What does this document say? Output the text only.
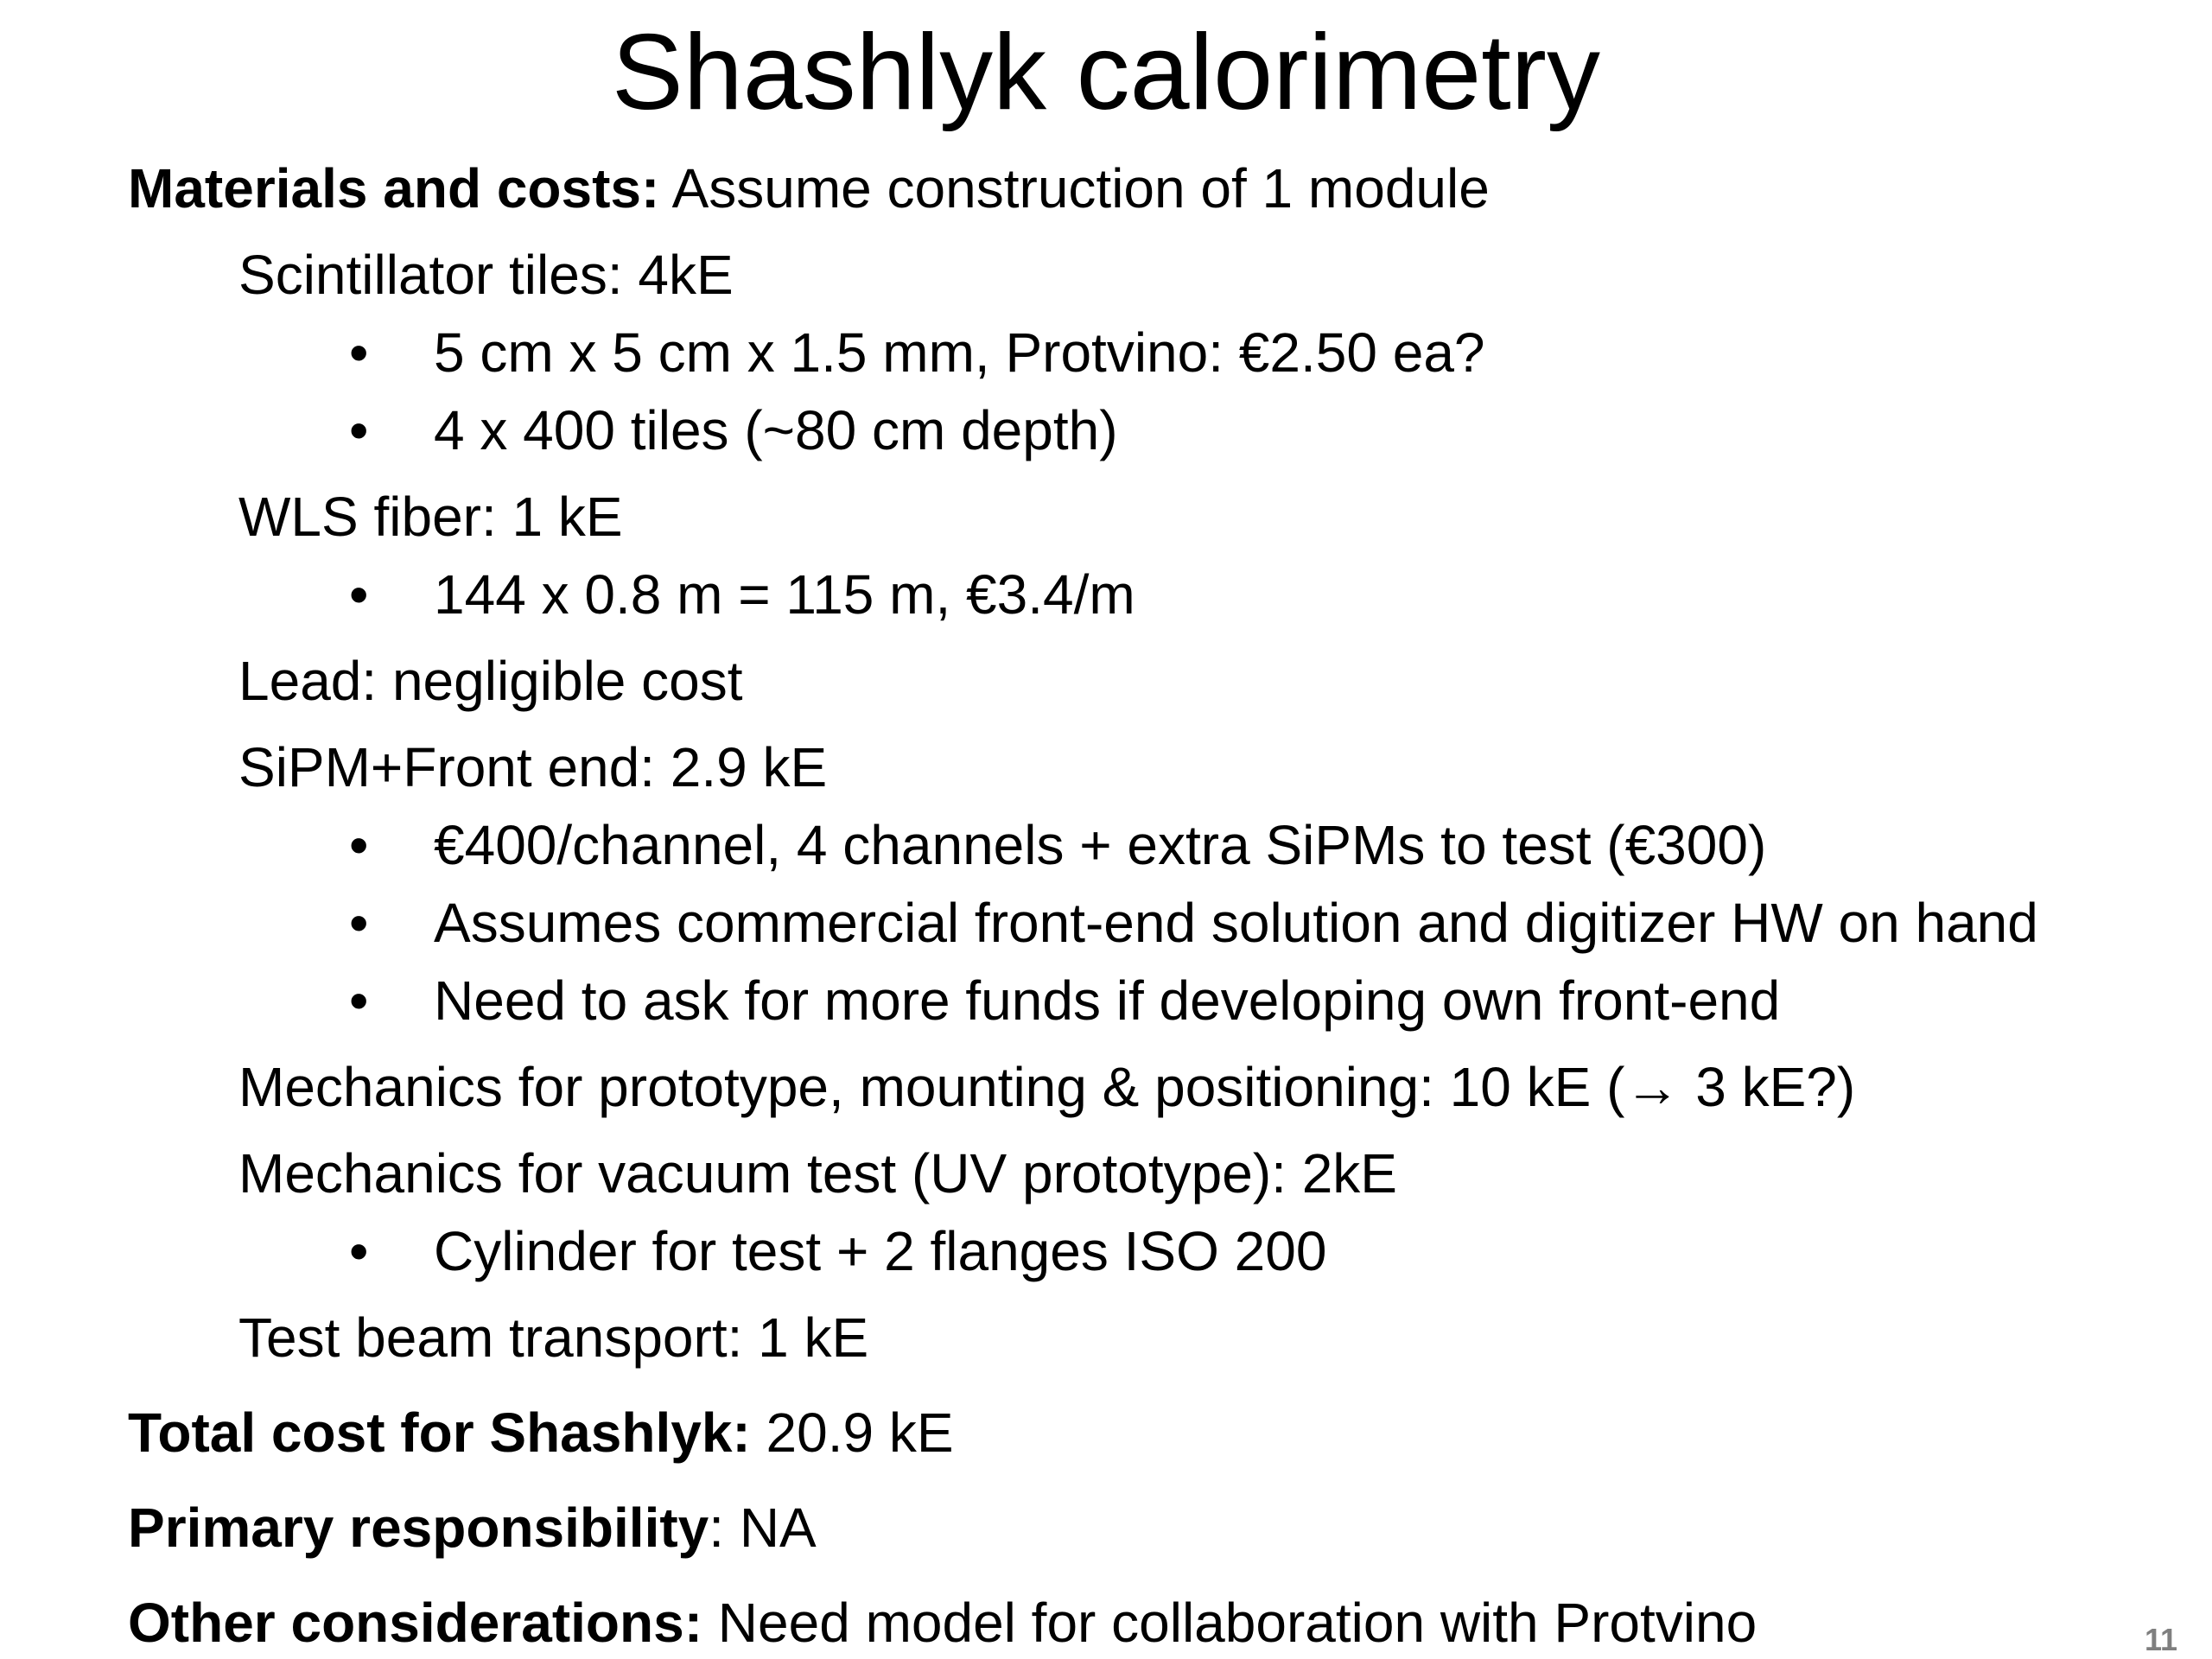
Shashlyk calorimetry
Materials and costs: Assume construction of 1 module
Scintillator tiles: 4kE
• 5 cm x 5 cm x 1.5 mm, Protvino: €2.50 ea?
• 4 x 400 tiles (~80 cm depth)
WLS fiber: 1 kE
• 144 x 0.8 m = 115 m, €3.4/m
Lead: negligible cost
SiPM+Front end: 2.9 kE
• €400/channel, 4 channels + extra SiPMs to test (€300)
• Assumes commercial front-end solution and digitizer HW on hand
• Need to ask for more funds if developing own front-end
Mechanics for prototype, mounting & positioning: 10 kE (→ 3 kE?)
Mechanics for vacuum test (UV prototype): 2kE
• Cylinder for test + 2 flanges ISO 200
Test beam transport: 1 kE
Total cost for Shashlyk: 20.9 kE
Primary responsibility: NA
Other considerations: Need model for collaboration with Protvino	11
